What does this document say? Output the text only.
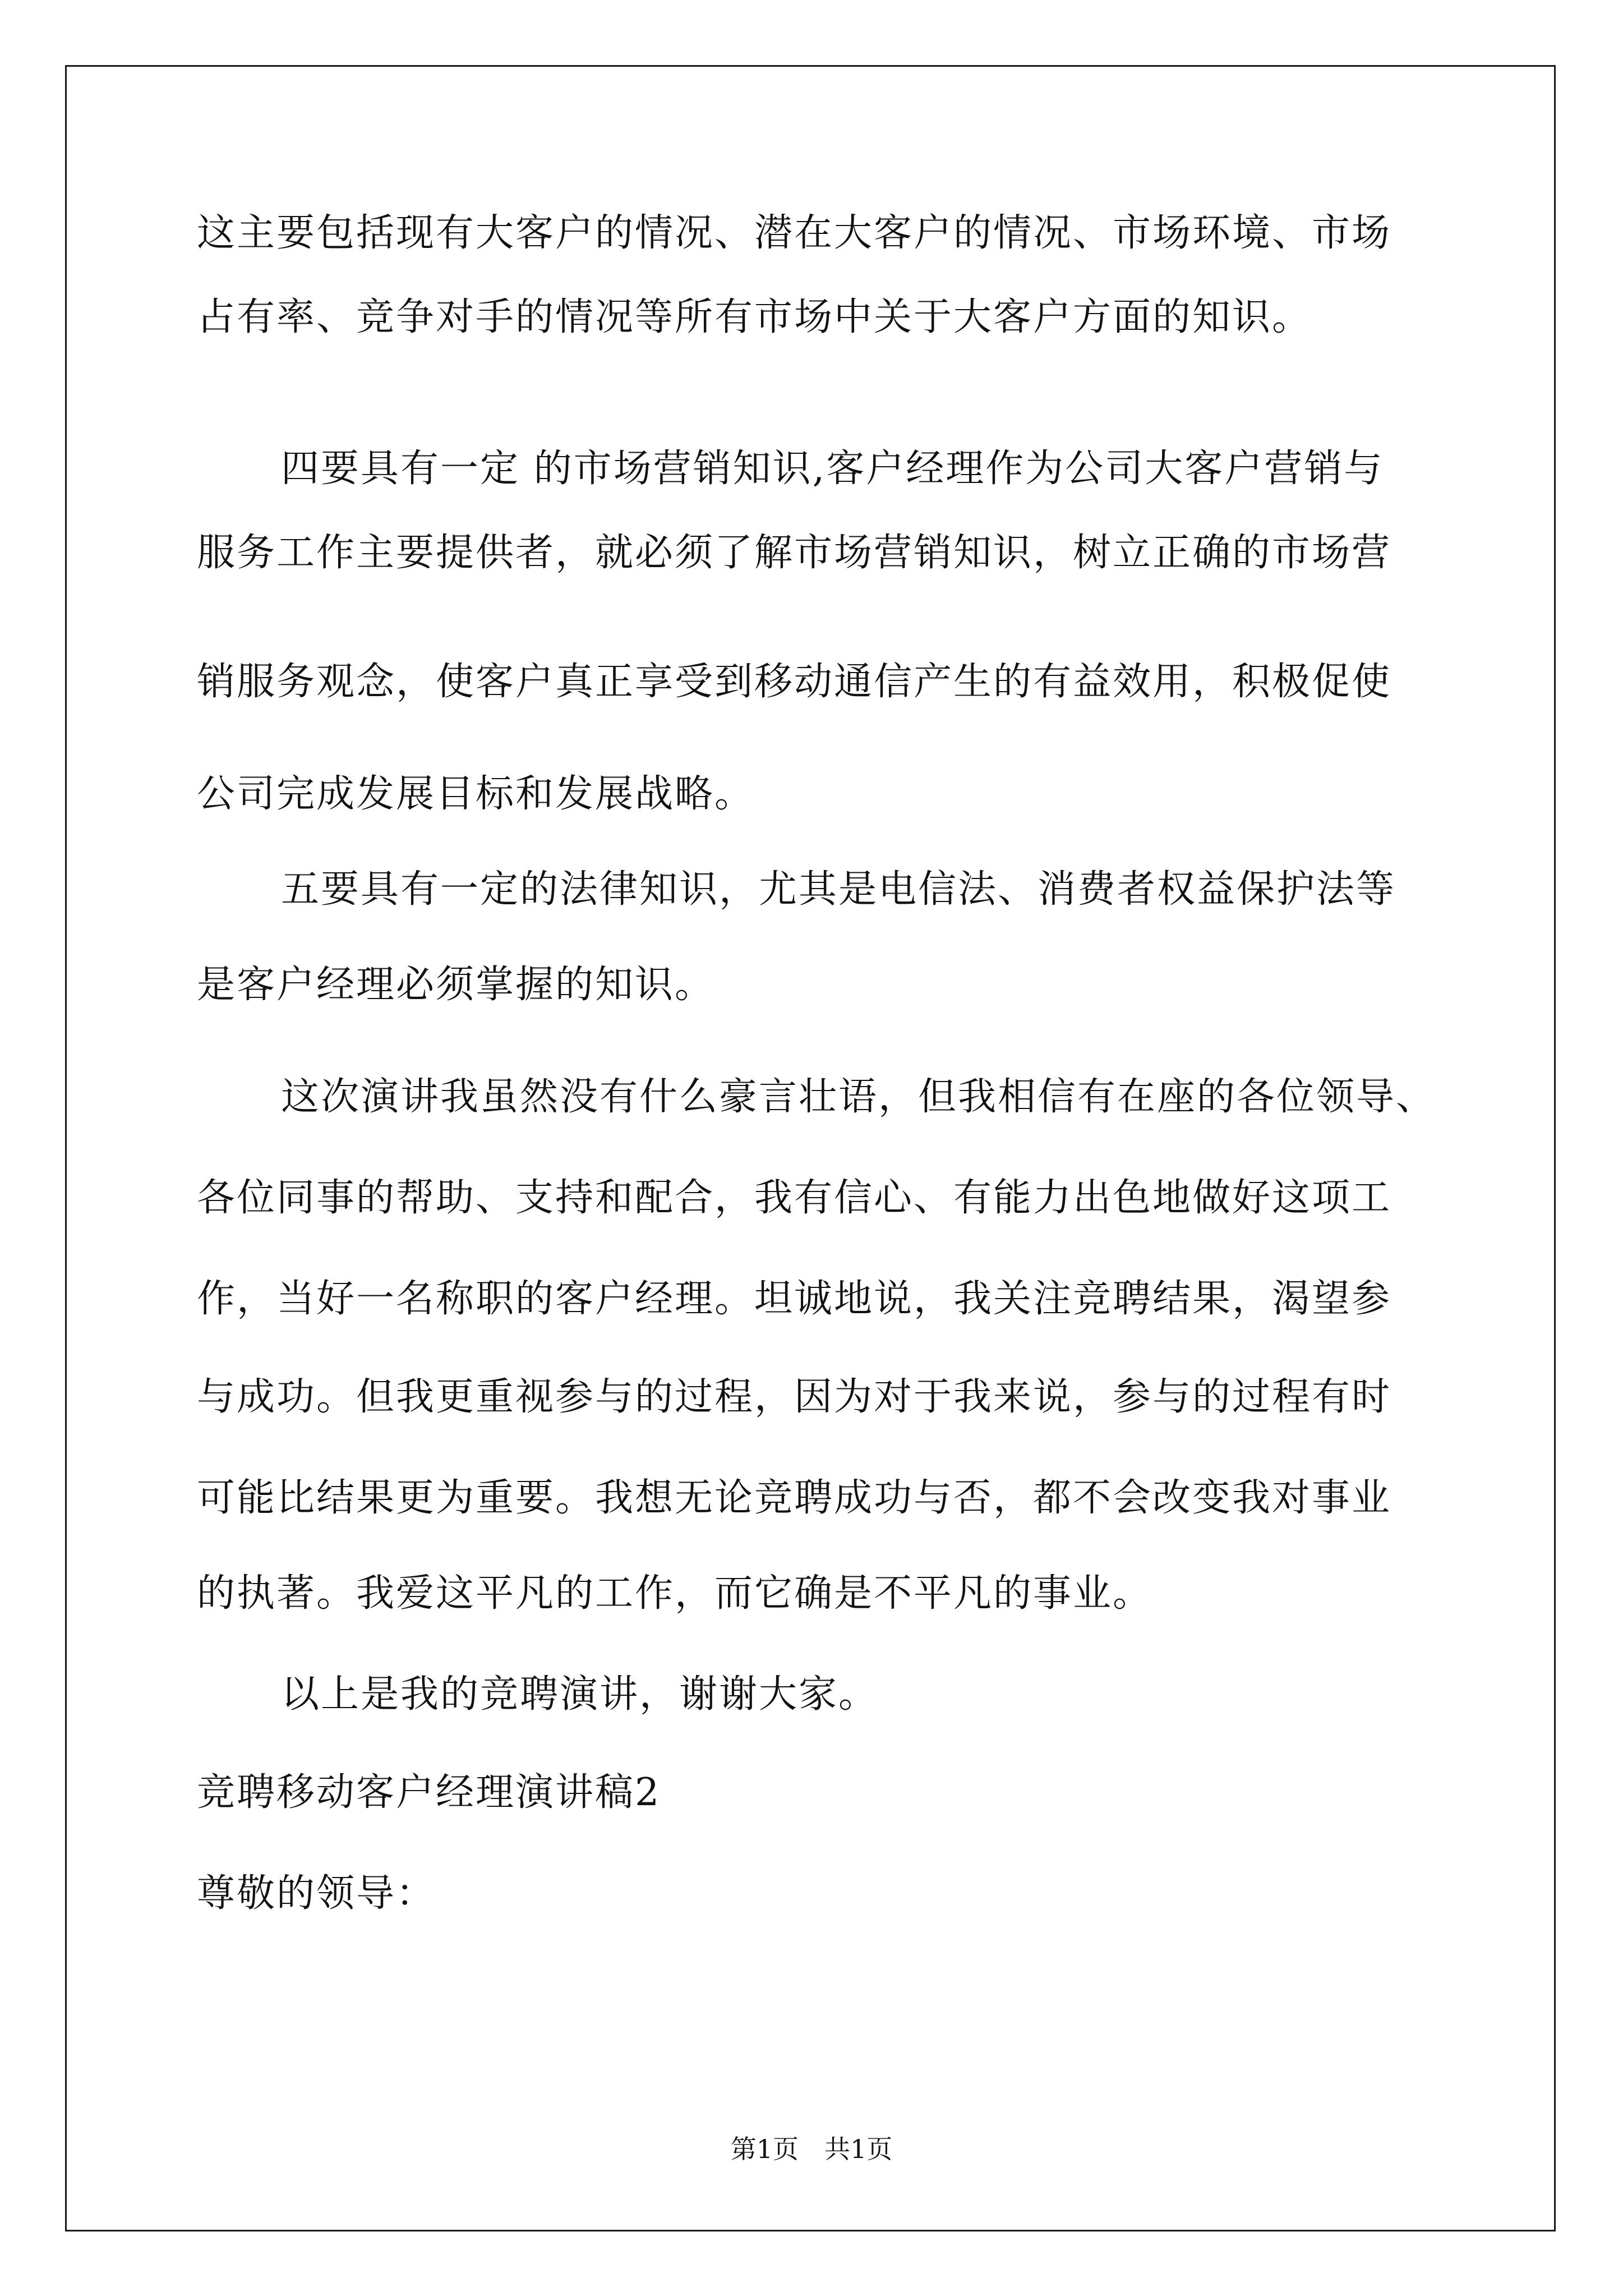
这主要包括现有大客户的情况、潜在大客户的情况、市场环境、市场
占有率、竞争对手的情况等所有市场中关于大客户方面的知识。
四要具有一定 的市场营销知识,客户经理作为公司大客户营销与
服务工作主要提供者，就必须了解市场营销知识，树立正确的市场营
销服务观念，使客户真正享受到移动通信产生的有益效用，积极促使
公司完成发展目标和发展战略。
五要具有一定的法律知识，尤其是电信法、消费者权益保护法等
是客户经理必须掌握的知识。
这次演讲我虽然没有什么豪言壮语，但我相信有在座的各位领导、
各位同事的帮助、支持和配合，我有信心、有能力出色地做好这项工
作，当好一名称职的客户经理。坦诚地说，我关注竞聘结果，渴望参
与成功。但我更重视参与的过程，因为对于我来说，参与的过程有时
可能比结果更为重要。我想无论竞聘成功与否，都不会改变我对事业
的执著。我爱这平凡的工作，而它确是不平凡的事业。
以上是我的竞聘演讲，谢谢大家。
竞聘移动客户经理演讲稿2
尊敬的领导：
第1页　共1页
